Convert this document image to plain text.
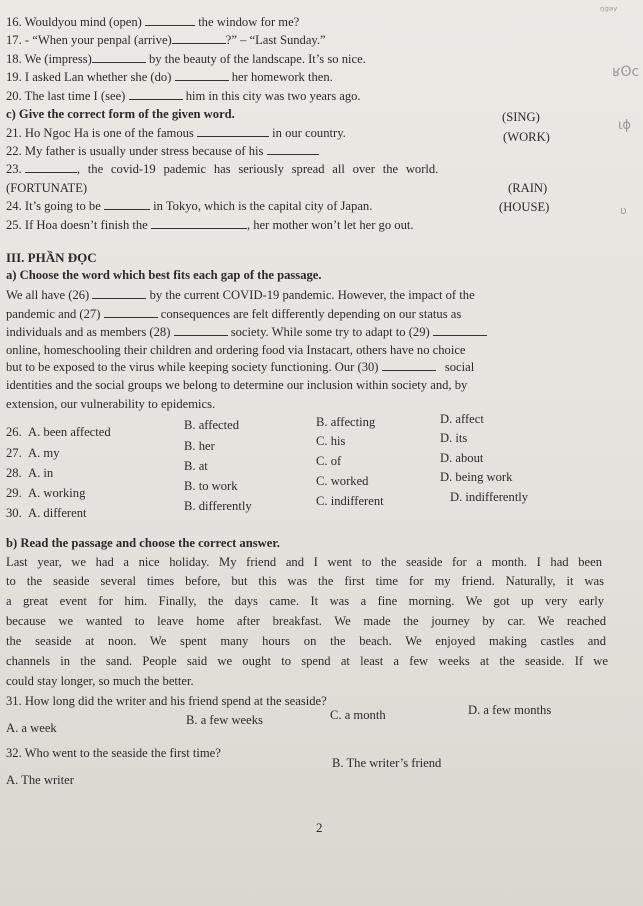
ᵑᵍᵃʸ
ʁʘϲ
ɩɸ
ʋ
16. Wouldyou mind (open)	the window for me?
17. - “When your penpal (arrive)	?” – “Last Sunday.”
18. We (impress)	by the beauty of the landscape. It’s so nice.
19. I asked Lan whether she (do)	her homework then.
20. The last time I (see)	him in this city was two years ago.
c) Give the correct form of the given word.	(SING)
21. Ho Ngoc Ha is one of the famous	in our country.	(WORK)
22. My father is usually under stress because of his
23.	, the covid-19 pademic has seriously spread all over the world.
(FORTUNATE)	(RAIN)
24. It’s going to be	in Tokyo, which is the capital city of Japan.	(HOUSE)
25. If Hoa doesn’t finish the	, her mother won’t let her go out.
III. PHẦN ĐỌC
a) Choose the word which best fits each gap of the passage.
We all have (26)	by the current COVID-19 pandemic. However, the impact of the
pandemic and (27)	consequences are felt differently depending on our status as
individuals and as members (28)	society. While some try to adapt to (29)
online, homeschooling their children and ordering food via Instacart, others have no choice
but to be exposed to the virus while keeping society functioning. Our (30)	social
identities and the social groups we belong to determine our inclusion within society and, by
extension, our vulnerability to epidemics.
26. A. been affected	B. affected	B. affecting	D. affect
27. A. my	B. her	C. his	D. its
28. A. in	B. at	C. of	D. about
29. A. working	B. to work	C. worked	D. being work
30. A. different	B. differently	C. indifferent	D. indifferently
b) Read the passage and choose the correct answer.
Last year, we had a nice holiday. My friend and I went to the seaside for a month. I had been
to the seaside several times before, but this was the first time for my friend. Naturally, it was
a great event for him. Finally, the days came. It was a fine morning. We got up very early
because we wanted to leave home after breakfast. We made the journey by car. We reached
the seaside at noon. We spent many hours on the beach. We enjoyed making castles and
channels in the sand. People said we ought to spend at least a few weeks at the seaside. If we
could stay longer, so much the better.
31. How long did the writer and his friend spend at the seaside?
A. a week
B. a few weeks	C. a month	D. a few months
32. Who went to the seaside the first time?
A. The writer
B. The writer’s friend
2
